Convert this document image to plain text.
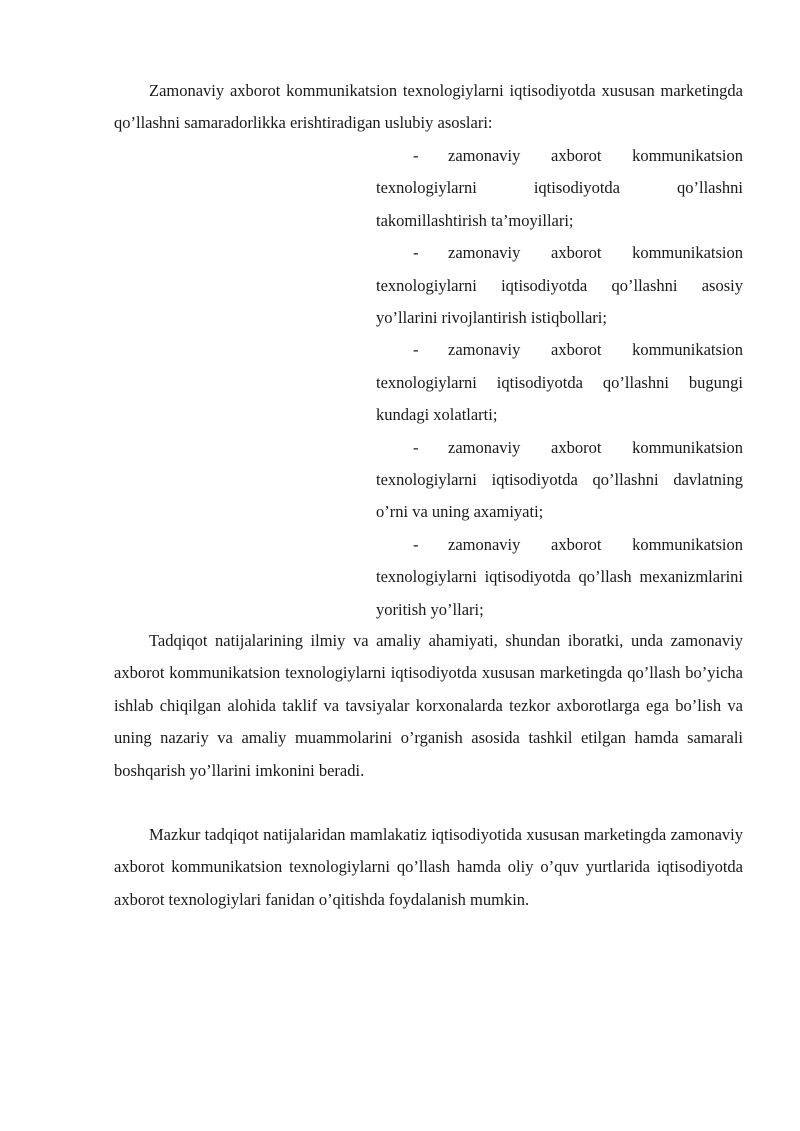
Zamonaviy axborot kommunikatsion texnologiylarni iqtisodiyotda xususan marketingda qo’llashni samaradorlikka erishtiradigan uslubiy asoslari:

-	zamonaviy axborot kommunikatsion
texnologiylarni iqtisodiyotda qo’llashni takomillashtirish ta’moyillari;
-	zamonaviy axborot kommunikatsion
texnologiylarni iqtisodiyotda qo’llashni asosiy yo’llarini rivojlantirish istiqbollari;
-	zamonaviy axborot kommunikatsion
texnologiylarni iqtisodiyotda qo’llashni bugungi kundagi xolatlarti;
-	zamonaviy axborot kommunikatsion
texnologiylarni iqtisodiyotda qo’llashni davlatning o’rni va uning axamiyati;
-	zamonaviy axborot kommunikatsion
texnologiylarni iqtisodiyotda qo’llash mexanizmlarini yoritish yo’llari;

Tadqiqot natijalarining ilmiy va amaliy ahamiyati, shundan iboratki, unda zamonaviy axborot kommunikatsion texnologiylarni iqtisodiyotda xususan marketingda qo’llash bo’yicha ishlab chiqilgan alohida taklif va tavsiyalar korxonalarda tezkor axborotlarga ega bo’lish va uning nazariy va amaliy muammolarini o’rganish asosida tashkil etilgan hamda samarali boshqarish yo’llarini imkonini beradi.

Mazkur tadqiqot natijalaridan mamlakatiz iqtisodiyotida xususan marketingda zamonaviy axborot kommunikatsion texnologiylarni qo’llash hamda oliy o’quv yurtlarida iqtisodiyotda axborot texnologiylari fanidan o’qitishda foydalanish mumkin.
